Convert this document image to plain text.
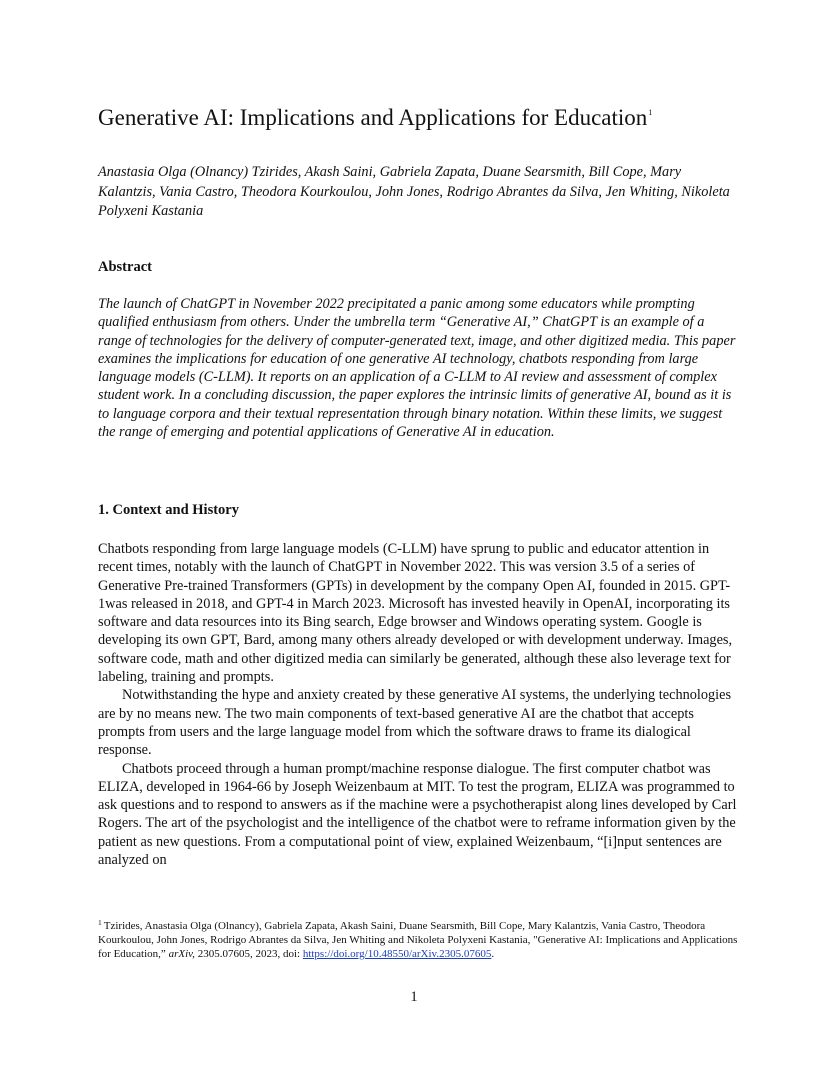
Generative AI: Implications and Applications for Education$^1$

Anastasia Olga (Olnancy) Tzirides, Akash Saini, Gabriela Zapata, Duane Searsmith, Bill Cope, Mary Kalantzis, Vania Castro, Theodora Kourkoulou, John Jones, Rodrigo Abrantes da Silva, Jen Whiting, Nikoleta Polyxeni Kastania

Abstract

The launch of ChatGPT in November 2022 precipitated a panic among some educators while prompting qualified enthusiasm from others. Under the umbrella term “Generative AI,” ChatGPT is an example of a range of technologies for the delivery of computer-generated text, image, and other digitized media. This paper examines the implications for education of one generative AI technology, chatbots responding from large language models (C-LLM). It reports on an application of a C-LLM to AI review and assessment of complex student work. In a concluding discussion, the paper explores the intrinsic limits of generative AI, bound as it is to language corpora and their textual representation through binary notation. Within these limits, we suggest the range of emerging and potential applications of Generative AI in education.

1. Context and History

Chatbots responding from large language models (C-LLM) have sprung to public and educator attention in recent times, notably with the launch of ChatGPT in November 2022. This was version 3.5 of a series of Generative Pre-trained Transformers (GPTs) in development by the company Open AI, founded in 2015. GPT-1was released in 2018, and GPT-4 in March 2023. Microsoft has invested heavily in OpenAI, incorporating its software and data resources into its Bing search, Edge browser and Windows operating system. Google is developing its own GPT, Bard, among many others already developed or with development underway. Images, software code, math and other digitized media can similarly be generated, although these also leverage text for labeling, training and prompts.

Notwithstanding the hype and anxiety created by these generative AI systems, the underlying technologies are by no means new. The two main components of text-based generative AI are the chatbot that accepts prompts from users and the large language model from which the software draws to frame its dialogical response.

Chatbots proceed through a human prompt/machine response dialogue. The first computer chatbot was ELIZA, developed in 1964-66 by Joseph Weizenbaum at MIT. To test the program, ELIZA was programmed to ask questions and to respond to answers as if the machine were a psychotherapist along lines developed by Carl Rogers. The art of the psychologist and the intelligence of the chatbot were to reframe information given by the patient as new questions. From a computational point of view, explained Weizenbaum, “[i]nput sentences are analyzed on

$^1$ Tzirides, Anastasia Olga (Olnancy), Gabriela Zapata, Akash Saini, Duane Searsmith, Bill Cope, Mary Kalantzis, Vania Castro, Theodora Kourkoulou, John Jones, Rodrigo Abrantes da Silva, Jen Whiting and Nikoleta Polyxeni Kastania, "Generative AI: Implications and Applications for Education,” arXiv, 2305.07605, 2023, doi: https://doi.org/10.48550/arXiv.2305.07605.

1
